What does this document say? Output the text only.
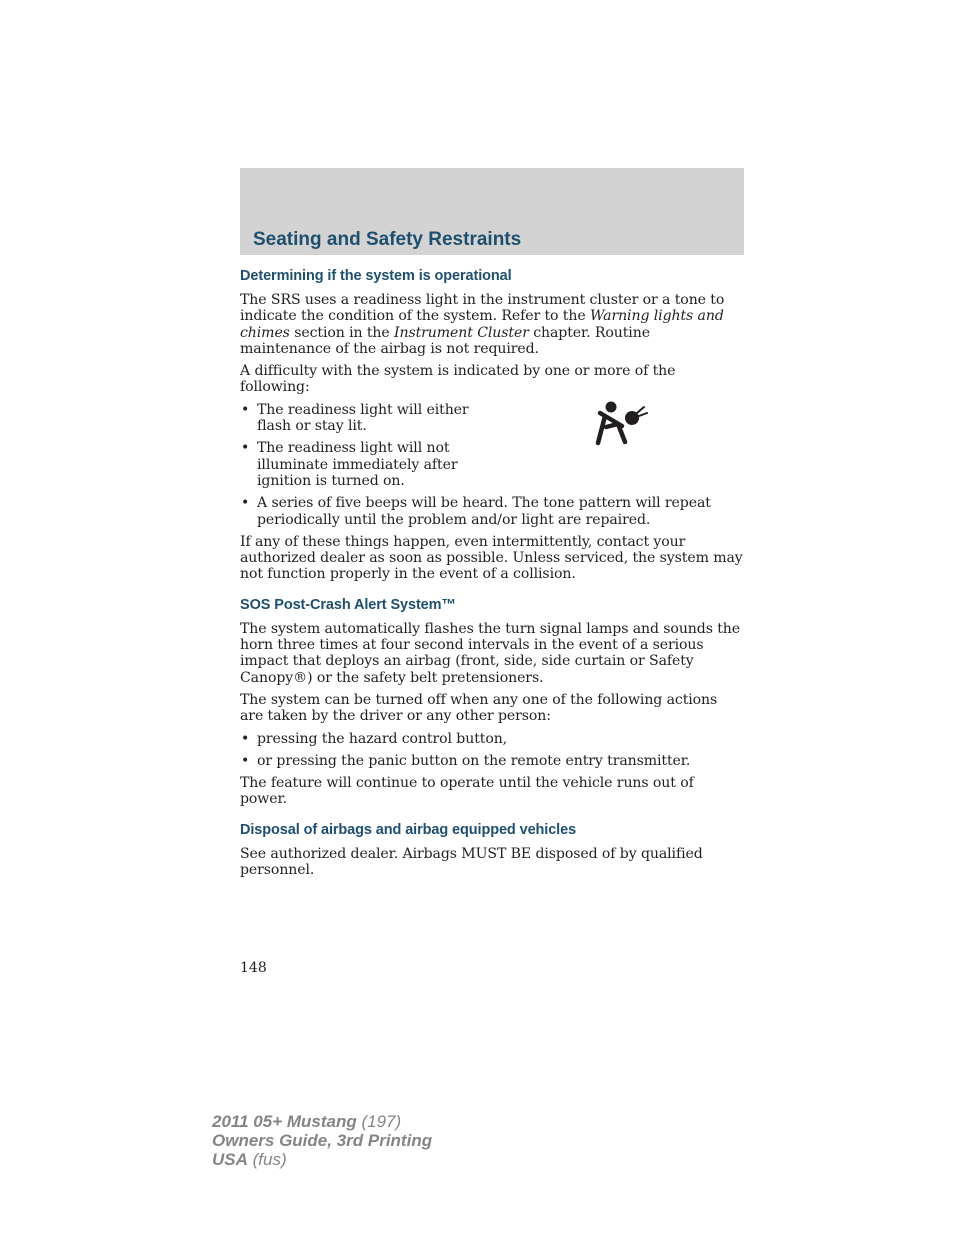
Seating and Safety Restraints
Determining if the system is operational

The SRS uses a readiness light in the instrument cluster or a tone to indicate the condition of the system. Refer to the Warning lights and chimes section in the Instrument Cluster chapter. Routine maintenance of the airbag is not required.

A difficulty with the system is indicated by one or more of the following:

• The readiness light will either flash or stay lit.
• The readiness light will not illuminate immediately after ignition is turned on.
• A series of five beeps will be heard. The tone pattern will repeat periodically until the problem and/or light are repaired.

If any of these things happen, even intermittently, contact your authorized dealer as soon as possible. Unless serviced, the system may not function properly in the event of a collision.

SOS Post-Crash Alert System™

The system automatically flashes the turn signal lamps and sounds the horn three times at four second intervals in the event of a serious impact that deploys an airbag (front, side, side curtain or Safety Canopy®) or the safety belt pretensioners.

The system can be turned off when any one of the following actions are taken by the driver or any other person:

• pressing the hazard control button,
• or pressing the panic button on the remote entry transmitter.

The feature will continue to operate until the vehicle runs out of power.

Disposal of airbags and airbag equipped vehicles

See authorized dealer. Airbags MUST BE disposed of by qualified personnel.

148
2011 05+ Mustang (197)
Owners Guide, 3rd Printing
USA (fus)
